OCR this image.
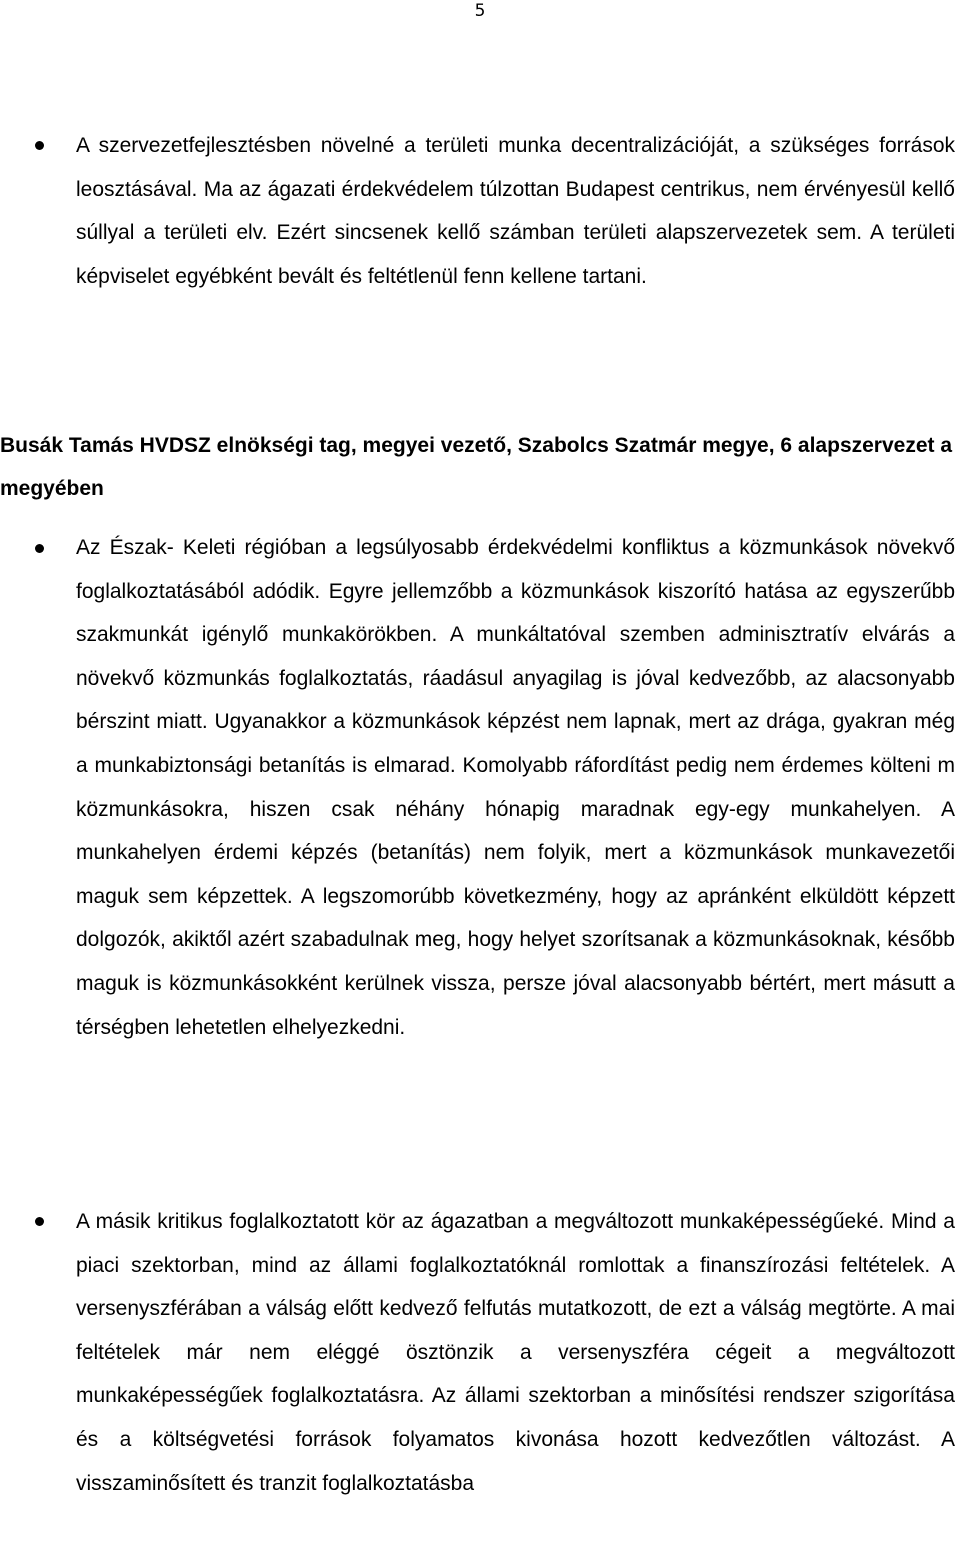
5
A szervezetfejlesztésben növelné a területi munka decentralizációját, a szükséges források leosztásával. Ma az ágazati érdekvédelem túlzottan Budapest centrikus, nem érvényesül kellő súllyal a területi elv. Ezért sincsenek kellő számban területi alapszervezetek sem. A területi képviselet egyébként bevált és feltétlenül fenn kellene tartani.
Busák Tamás HVDSZ elnökségi tag, megyei vezető, Szabolcs Szatmár megye, 6 alapszervezet a megyében
Az Észak- Keleti régióban a legsúlyosabb érdekvédelmi konfliktus a közmunkások növekvő foglalkoztatásából adódik. Egyre jellemzőbb a közmunkások kiszorító hatása az egyszerűbb szakmunkát igénylő munkakörökben. A munkáltatóval szemben adminisztratív elvárás a növekvő közmunkás foglalkoztatás, ráadásul anyagilag is jóval kedvezőbb, az alacsonyabb bérszint miatt. Ugyanakkor a közmunkások képzést nem lapnak, mert az drága, gyakran még a munkabiztonsági betanítás is elmarad. Komolyabb ráfordítást pedig nem érdemes költeni m közmunkásokra, hiszen csak néhány hónapig maradnak egy-egy munkahelyen. A munkahelyen érdemi képzés (betanítás) nem folyik, mert a közmunkások munkavezetői maguk sem képzettek. A legszomorúbb következmény, hogy az apránként elküldött képzett dolgozók, akiktől azért szabadulnak meg, hogy helyet szorítsanak a közmunkásoknak, később maguk is közmunkásokként kerülnek vissza, persze jóval alacsonyabb bértért, mert másutt a térségben lehetetlen elhelyezkedni.
A másik kritikus foglalkoztatott kör az ágazatban a megváltozott munkaképességűeké. Mind a piaci szektorban, mind az állami foglalkoztatóknál romlottak a finanszírozási feltételek. A versenyszférában a válság előtt kedvező felfutás mutatkozott, de ezt a válság megtörte. A mai feltételek már nem eléggé ösztönzik a versenyszféra cégeit a megváltozott munkaképességűek foglalkoztatásra. Az állami szektorban a minősítési rendszer szigorítása és a költségvetési források folyamatos kivonása hozott kedvezőtlen változást. A visszaminősített és tranzit foglalkoztatásba
